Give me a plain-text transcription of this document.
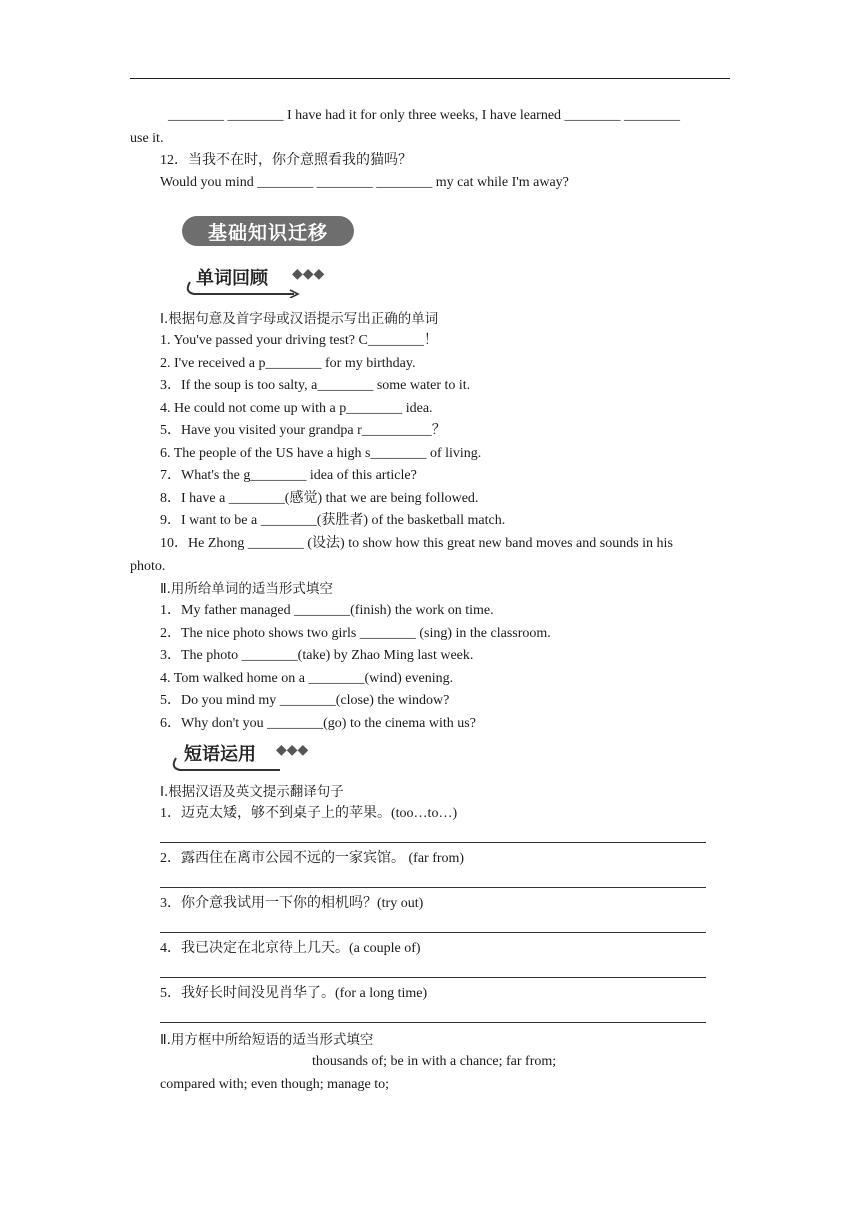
________ ________ I have had it for only three weeks, I have learned ________ ________
use it.
12．当我不在时，你介意照看我的猫吗？
Would you mind ________ ________ ________ my cat while I'm away?
基础知识迁移
单词回顾 ◆◆◆
Ⅰ.根据句意及首字母或汉语提示写出正确的单词
1. You've passed your driving test? C________！
2. I've received a p________ for my birthday.
3．If the soup is too salty, a________ some water to it.
4. He could not come up with a p________ idea.
5．Have you visited your grandpa r__________？
6. The people of the US have a high s________ of living.
7．What's the g________ idea of this article?
8．I have a ________(感觉) that we are being followed.
9．I want to be a ________(获胜者) of the basketball match.
10．He Zhong ________ (设法) to show how this great new band moves and sounds in his
photo.
Ⅱ.用所给单词的适当形式填空
1．My father managed ________(finish) the work on time.
2．The nice photo shows two girls ________ (sing) in the classroom.
3．The photo ________(take) by Zhao Ming last week.
4. Tom walked home on a ________(wind) evening.
5．Do you mind my ________(close) the window?
6．Why don't you ________(go) to the cinema with us?
短语运用 ◆◆◆
Ⅰ.根据汉语及英文提示翻译句子
1．迈克太矮，够不到桌子上的苹果。(too…to…)
2．露西住在离市公园不远的一家宾馆。 (far from)
3．你介意我试用一下你的相机吗？(try out)
4．我已决定在北京待上几天。(a couple of)
5．我好长时间没见肖华了。(for a long time)
Ⅱ.用方框中所给短语的适当形式填空
thousands of; be in with a chance; far from;
compared with; even though; manage to;
